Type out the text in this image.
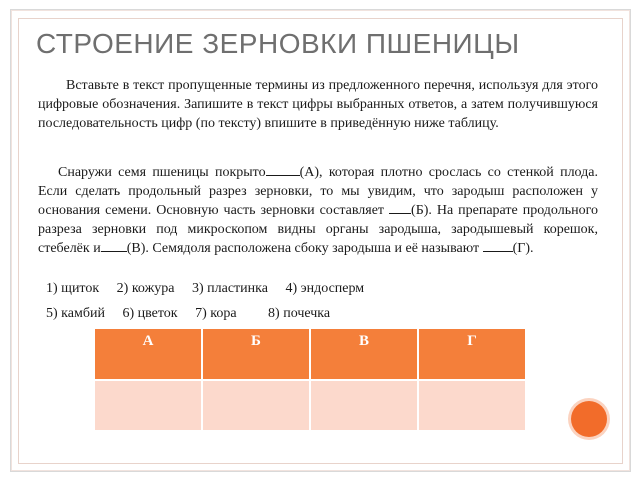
СТРОЕНИЕ ЗЕРНОВКИ ПШЕНИЦЫ
Вставьте в текст пропущенные термины из предложенного перечня, используя для этого цифровые обозначения. Запишите в текст цифры выбранных ответов, а затем получившуюся последовательность цифр (по тексту) впишите в приведённую ниже таблицу.
Снаружи семя пшеницы покрыто (А), которая плотно срослась со стенкой плода. Если сделать продольный разрез зерновки, то мы увидим, что зародыш расположен у основания семени. Основную часть зерновки составляет (Б). На препарате продольного разреза зерновки под микроскопом видны органы зародыша, зародышевый корешок, стебелёк и (В). Семядоля расположена сбоку зародыша и её называют (Г).
1) щиток 2) кожура 3) пластинка 4) эндосперм
5) камбий 6) цветок 7) кора 8) почечка
А	Б	В	Г
